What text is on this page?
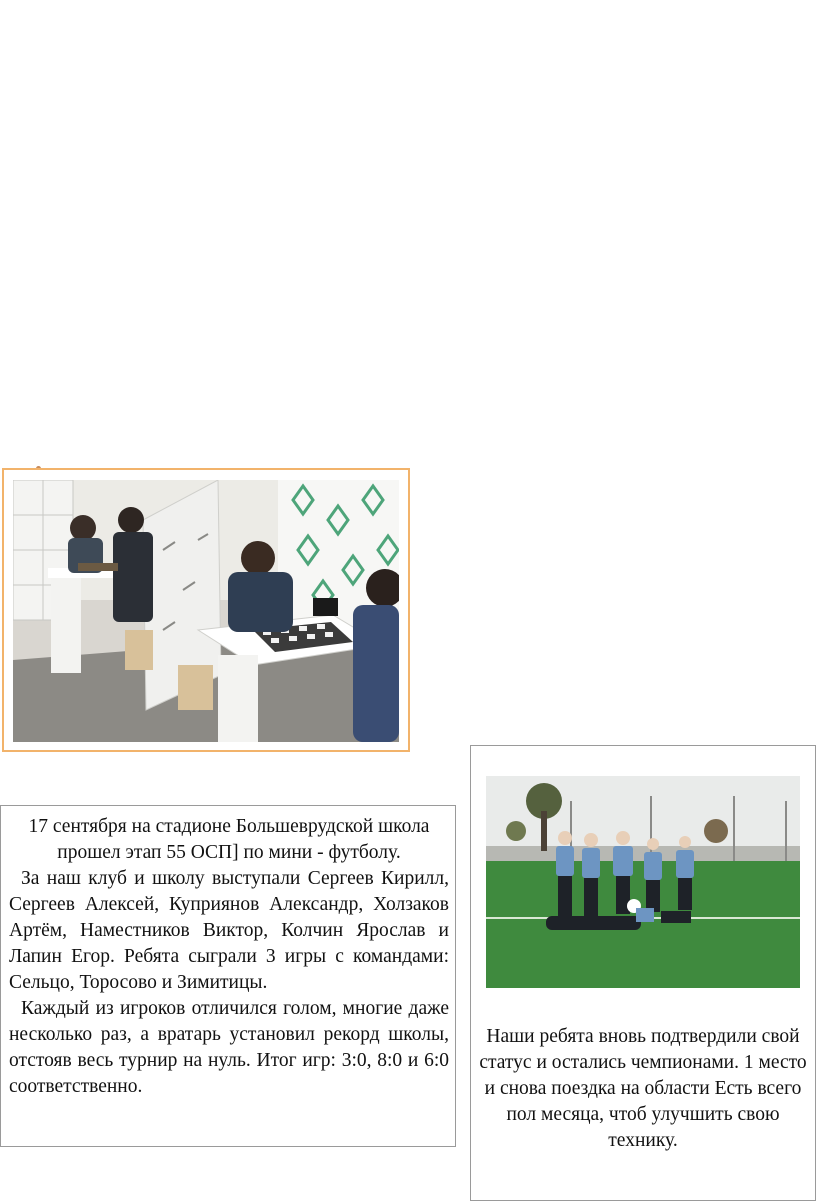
17 сентября на стадионе Большеврудской школа прошел этап 55 ОСП] по мини - футболу.

За наш клуб и школу выступали Сергеев Кирилл, Сергеев Алексей, Куприянов Александр, Холзаков Артём, Наместников Виктор, Колчин Ярослав и Лапин Егор. Ребята сыграли 3 игры с командами: Сельцо, Торосово и Зимитицы.

Каждый из игроков отличился голом, многие даже несколько раз, а вратарь установил рекорд школы, отстояв весь турнир на нуль. Итог игр: 3:0, 8:0 и 6:0 соответственно.

Наши ребята вновь подтвердили свой статус и остались чемпионами. 1 место и снова поездка на области Есть всего пол месяца, чтоб улучшить свою технику.
